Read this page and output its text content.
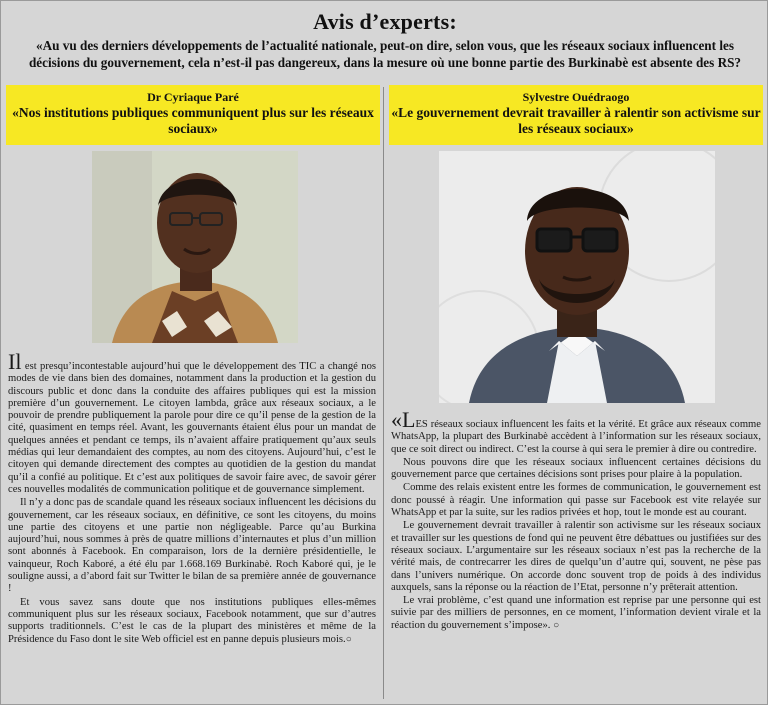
Avis d’experts:

«Au vu des derniers développements de l’actualité nationale, peut-on dire, selon vous, que les réseaux sociaux influencent les décisions du gouvernement, cela n’est-il pas dangereux, dans la mesure où une bonne partie des Burkinabè est absente des RS?

Dr Cyriaque Paré
«Nos institutions publiques communiquent plus sur les réseaux sociaux»

Il est presqu’incontestable aujourd’hui que le développement des TIC a changé nos modes de vie dans bien des domaines, notamment dans la production et la gestion du discours public et donc dans la conduite des affaires publiques qui est la mission première d’un gouvernement. Le citoyen lambda, grâce aux réseaux sociaux, a le pouvoir de prendre publiquement la parole pour dire ce qu’il pense de la gestion de la cité, quasiment en temps réel. Avant, les gouvernants étaient élus pour un mandat de quelques années et pendant ce temps, ils n’avaient affaire pratiquement qu’aux seuls médias qui leur demandaient des comptes, au nom des citoyens. Aujourd’hui, c’est le citoyen qui demande directement des comptes au quotidien de la gestion du mandat qu’il a confié au politique. Et c’est aux politiques de savoir faire avec, de savoir gérer ces nouvelles modalités de communication politique et de gouvernance simplement.

Il n’y a donc pas de scandale quand les réseaux sociaux influencent les décisions du gouvernement, car les réseaux sociaux, en définitive, ce sont les citoyens, du moins une partie des citoyens et une partie non négligeable. Parce qu’au Burkina aujourd’hui, nous sommes à près de quatre millions d’internautes et plus d’un million sont abonnés à Facebook. En comparaison, lors de la dernière présidentielle, le vainqueur, Roch Kaboré, a été élu par 1.668.169 Burkinabè. Roch Kaboré qui, je le souligne aussi, a d’abord fait sur Twitter le bilan de sa première année de gouvernance !

Et vous savez sans doute que nos institutions publiques elles-mêmes communiquent plus sur les réseaux sociaux, Facebook notamment, que sur d’autres supports traditionnels. C’est le cas de la plupart des ministères et même de la Présidence du Faso dont le site Web officiel est en panne depuis plusieurs mois.○

Sylvestre Ouédraogo
«Le gouvernement devrait travailler à ralentir son activisme sur les réseaux sociaux»

«LES réseaux sociaux influencent les faits et la vérité. Et grâce aux réseaux comme WhatsApp, la plupart des Burkinabè accèdent à l’information sur les réseaux sociaux, que ce soit direct ou indirect. C’est la course à qui sera le premier à dire ou contredire.

Nous pouvons dire que les réseaux sociaux influencent certaines décisions du gouvernement parce que certaines décisions sont prises pour plaire à la population.

Comme des relais existent entre les formes de communication, le gouvernement est donc poussé à réagir. Une information qui passe sur Facebook est vite relayée sur WhatsApp et par la suite, sur les radios privées et hop, tout le monde est au courant.

Le gouvernement devrait travailler à ralentir son activisme sur les réseaux sociaux et travailler sur les questions de fond qui ne peuvent être débattues ou justifiées sur des réseaux sociaux. L’argumentaire sur les réseaux sociaux n’est pas la recherche de la vérité mais, de contrecarrer les dires de quelqu’un d’autre qui, souvent, ne pèse pas dans l’univers numérique. On accorde donc souvent trop de poids à des individus auxquels, sans la réponse ou la réaction de l’Etat, personne n’y prêterait attention.

Le vrai problème, c’est quand une information est reprise par une personne qui est suivie par des milliers de personnes, en ce moment, l’information devient virale et la réaction du gouvernement s’impose». ○
